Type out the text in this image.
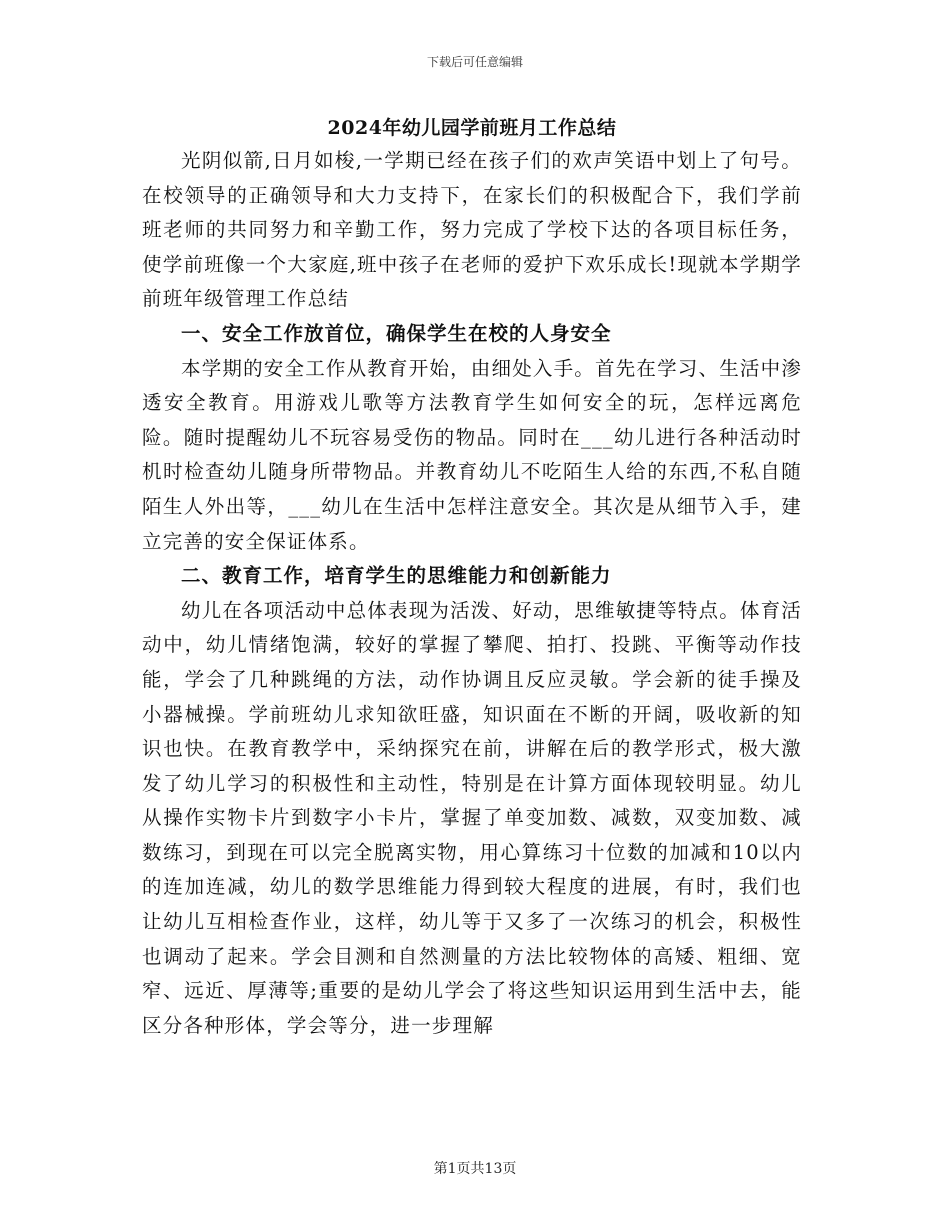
下载后可任意编辑
2024年幼儿园学前班月工作总结

光阴似箭,日月如梭,一学期已经在孩子们的欢声笑语中划上了句号。在校领导的正确领导和大力支持下，在家长们的积极配合下，我们学前班老师的共同努力和辛勤工作，努力完成了学校下达的各项目标任务，使学前班像一个大家庭,班中孩子在老师的爱护下欢乐成长!现就本学期学前班年级管理工作总结

一、安全工作放首位，确保学生在校的人身安全

本学期的安全工作从教育开始，由细处入手。首先在学习、生活中渗透安全教育。用游戏儿歌等方法教育学生如何安全的玩，怎样远离危险。随时提醒幼儿不玩容易受伤的物品。同时在___幼儿进行各种活动时机时检查幼儿随身所带物品。并教育幼儿不吃陌生人给的东西,不私自随陌生人外出等，___幼儿在生活中怎样注意安全。其次是从细节入手，建立完善的安全保证体系。

二、教育工作，培育学生的思维能力和创新能力

幼儿在各项活动中总体表现为活泼、好动，思维敏捷等特点。体育活动中，幼儿情绪饱满，较好的掌握了攀爬、拍打、投跳、平衡等动作技能，学会了几种跳绳的方法，动作协调且反应灵敏。学会新的徒手操及小器械操。学前班幼儿求知欲旺盛，知识面在不断的开阔，吸收新的知识也快。在教育教学中，采纳探究在前，讲解在后的教学形式，极大激发了幼儿学习的积极性和主动性，特别是在计算方面体现较明显。幼儿从操作实物卡片到数字小卡片，掌握了单变加数、减数，双变加数、减数练习，到现在可以完全脱离实物，用心算练习十位数的加减和10以内的连加连减，幼儿的数学思维能力得到较大程度的进展，有时，我们也让幼儿互相检查作业，这样，幼儿等于又多了一次练习的机会，积极性也调动了起来。学会目测和自然测量的方法比较物体的高矮、粗细、宽窄、远近、厚薄等;重要的是幼儿学会了将这些知识运用到生活中去，能区分各种形体，学会等分，进一步理解

第1页共13页
